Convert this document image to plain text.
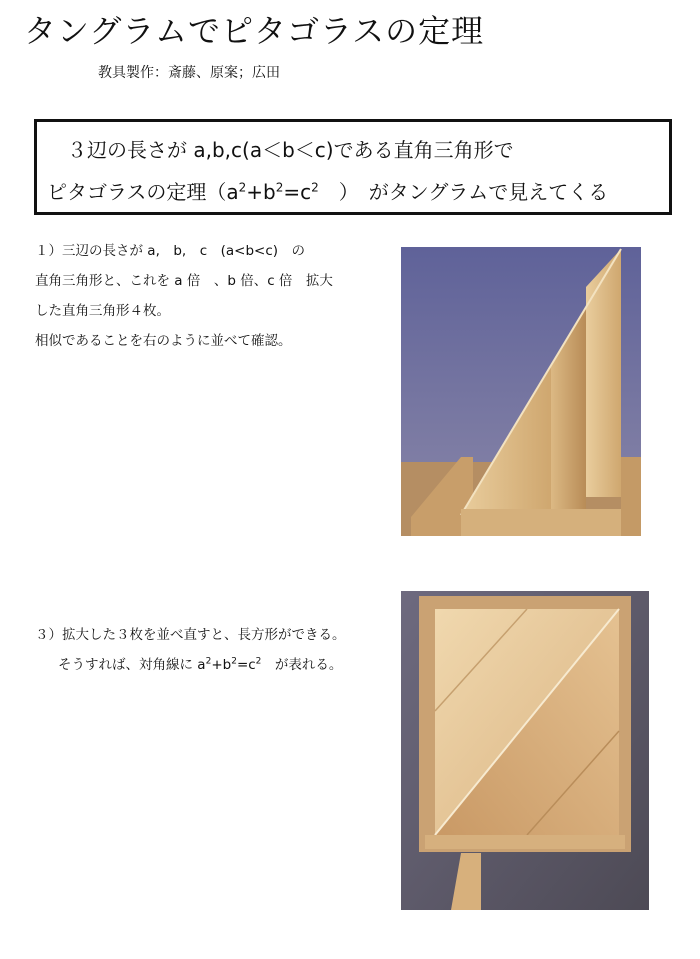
タングラムでピタゴラスの定理
教具製作：斎藤、原案；広田
３辺の長さが a,b,c(a＜b＜c)である直角三角形で
ピタゴラスの定理（$a^2+b^2=c^2$　）　がタングラムで見えてくる
１）三辺の長さが a,　b,　c　(a<b<c)　の
直角三角形と、これを a 倍　、b 倍、c 倍　拡大
した直角三角形４枚。
相似であることを右のように並べて確認。
３）拡大した３枚を並べ直すと、長方形ができる。
そうすれば、対角線に $a^2+b^2=c^2$　が表れる。
